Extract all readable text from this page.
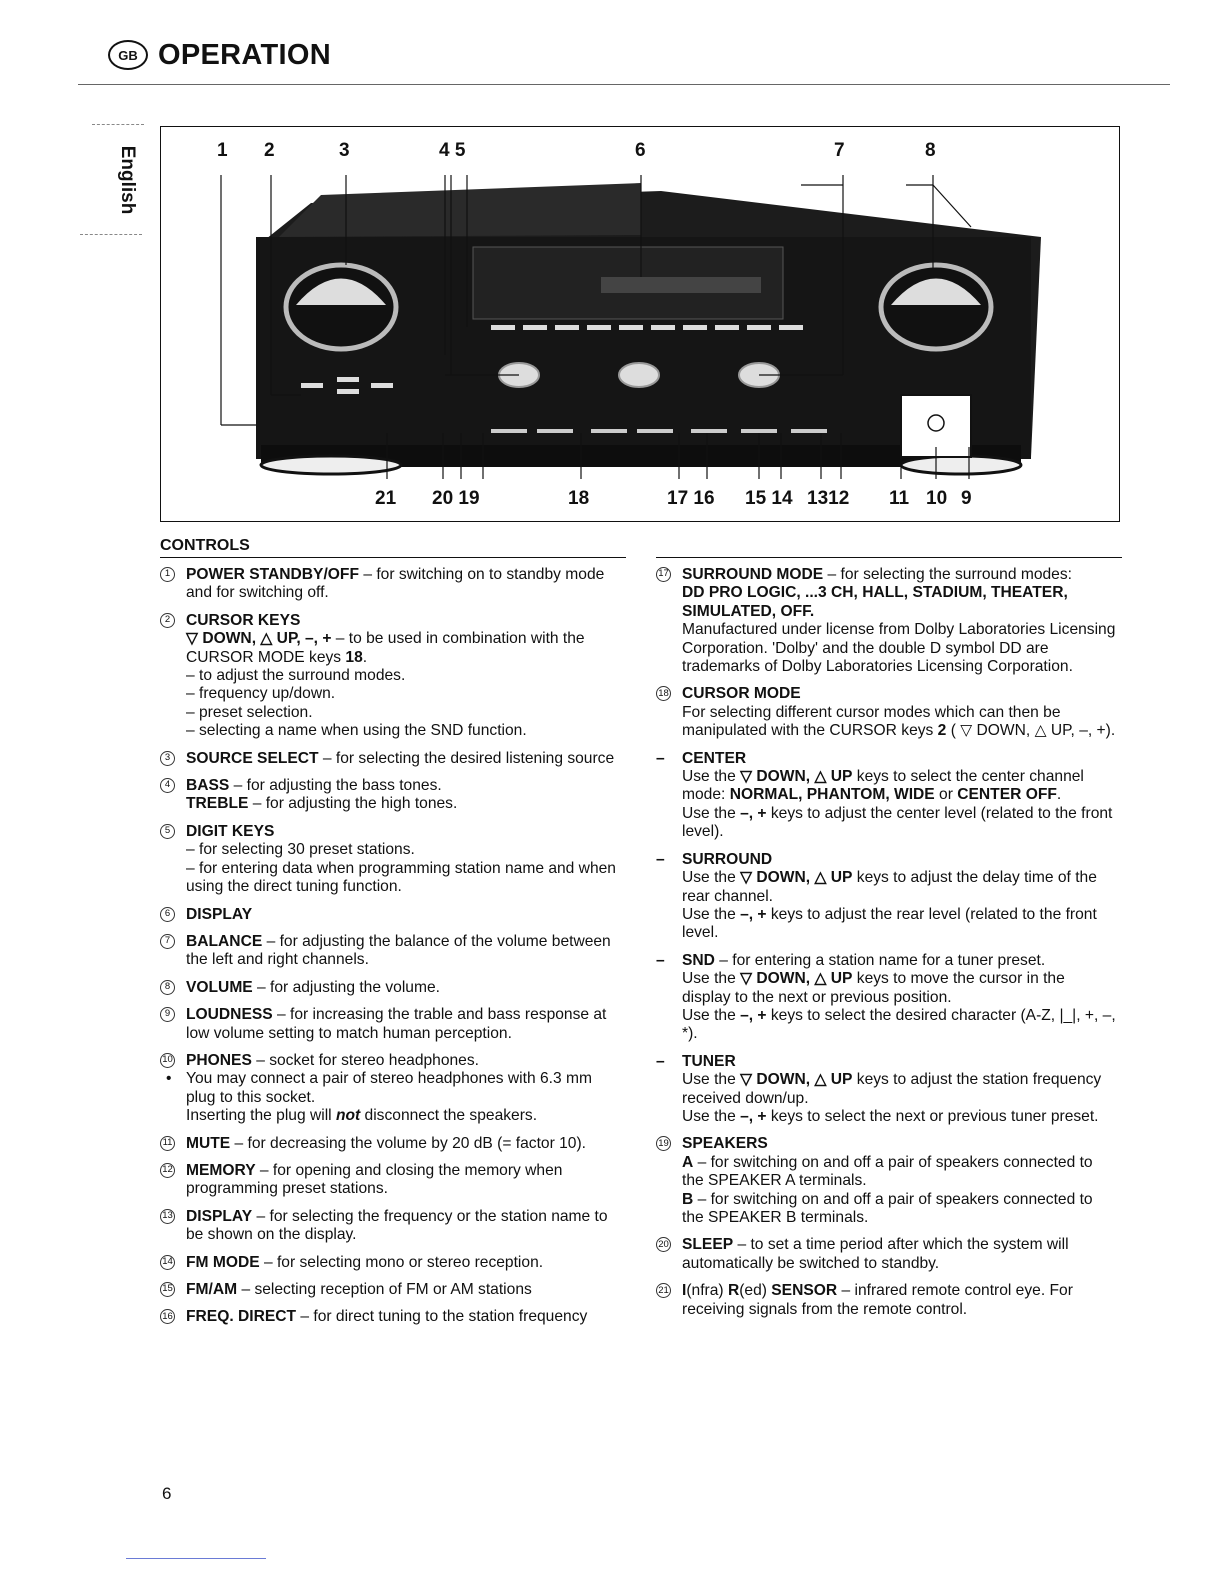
GB OPERATION
English	1 2	3	4 5	6	7	8
21 20 19	18	17 16 15 14 1312 11 10 9
CONTROLS
1	POWER STANDBY/OFF – for switching on to standby mode and for switching off.
2	CURSOR KEYS
▽ DOWN, △ UP, –, + – to be used in combination with the CURSOR MODE keys 18.
– to adjust the surround modes.
– frequency up/down.
– preset selection.
– selecting a name when using the SND function.
3	SOURCE SELECT – for selecting the desired listening source
4	BASS – for adjusting the bass tones.
TREBLE – for adjusting the high tones.
5	DIGIT KEYS
– for selecting 30 preset stations.
– for entering data when programming station name and when using the direct tuning function.
6	DISPLAY
7	BALANCE – for adjusting the balance of the volume between the left and right channels.
8	VOLUME – for adjusting the volume.
9	LOUDNESS – for increasing the trable and bass response at low volume setting to match human perception.
10 PHONES – socket for stereo headphones.
• You may connect a pair of stereo headphones with 6.3 mm plug to this socket.
Inserting the plug will not disconnect the speakers.
11 MUTE – for decreasing the volume by 20 dB (= factor 10).
12 MEMORY – for opening and closing the memory when programming preset stations.
13 DISPLAY – for selecting the frequency or the station name to be shown on the display.
14 FM MODE – for selecting mono or stereo reception.
15 FM/AM – selecting reception of FM or AM stations
16 FREQ. DIRECT – for direct tuning to the station frequency
17 SURROUND MODE – for selecting the surround modes:
DD PRO LOGIC, ...3 CH, HALL, STADIUM, THEATER, SIMULATED, OFF.
Manufactured under license from Dolby Laboratories Licensing Corporation. 'Dolby' and the double D symbol DD are trademarks of Dolby Laboratories Licensing Corporation.
18 CURSOR MODE
For selecting different cursor modes which can then be manipulated with the CURSOR keys 2 ( ▽ DOWN, △ UP, –, +).
– CENTER
Use the ▽ DOWN, △ UP keys to select the center channel mode: NORMAL, PHANTOM, WIDE or CENTER OFF.
Use the –, + keys to adjust the center level (related to the front level).
– SURROUND
Use the ▽ DOWN, △ UP keys to adjust the delay time of the rear channel.
Use the –, + keys to adjust the rear level (related to the front level.
– SND – for entering a station name for a tuner preset.
Use the ▽ DOWN, △ UP keys to move the cursor in the display to the next or previous position.
Use the –, + keys to select the desired character (A-Z, |_|, +, –, *).
– TUNER
Use the ▽ DOWN, △ UP keys to adjust the station frequency received down/up.
Use the –, + keys to select the next or previous tuner preset.
19 SPEAKERS
A – for switching on and off a pair of speakers connected to the SPEAKER A terminals.
B – for switching on and off a pair of speakers connected to the SPEAKER B terminals.
20 SLEEP – to set a time period after which the system will automatically be switched to standby.
21 I(nfra) R(ed) SENSOR – infrared remote control eye. For receiving signals from the remote control.
6
